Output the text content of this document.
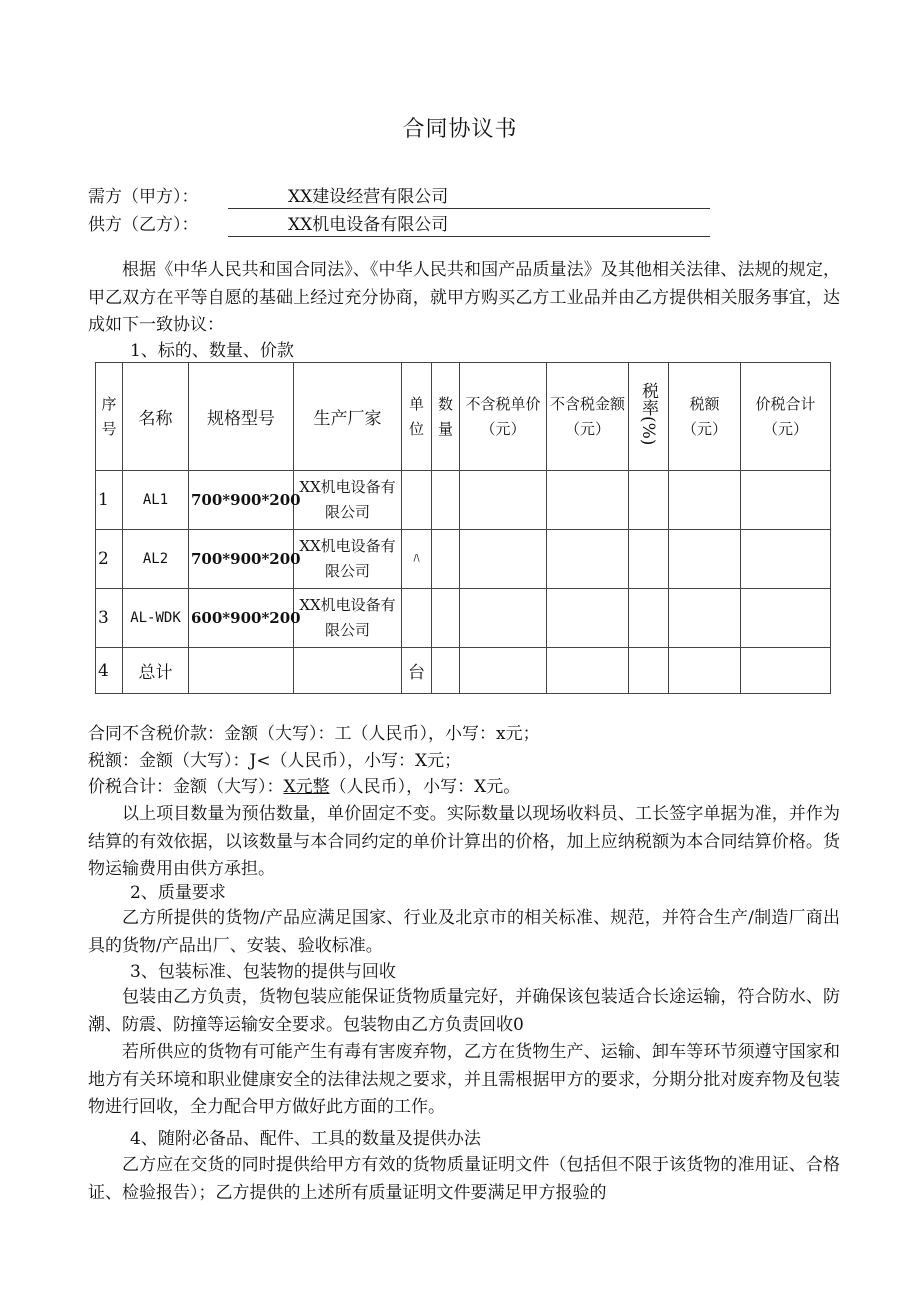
合同协议书
需方（甲方）：	XX建设经营有限公司
供方（乙方）：	XX机电设备有限公司
根据《中华人民共和国合同法》、《中华人民共和国产品质量法》及其他相关法律、法规的规定，甲乙双方在平等自愿的基础上经过充分协商，就甲方购买乙方工业品并由乙方提供相关服务事宜，达成如下一致协议：
1、标的、数量、价款
序号	名称	规格型号	生产厂家	单位	数量	不含税单价（元）	不含税金额（元）	税率(%)	税额（元）	价税合计（元）
1	AL1	700*900*200	XX机电设备有限公司							
2	AL2	700*900*200	XX机电设备有限公司	/\						
3	AL-WDK	600*900*200	XX机电设备有限公司							
4	总计			台						
合同不含税价款：金额（大写）：工（人民币），小写：x元；
税额：金额（大写）：J<（人民币），小写：X元；
价税合计：金额（大写）：X元整（人民币），小写：X元。
以上项目数量为预估数量，单价固定不变。实际数量以现场收料员、工长签字单据为准，并作为结算的有效依据，以该数量与本合同约定的单价计算出的价格，加上应纳税额为本合同结算价格。货物运输费用由供方承担。
2、质量要求
乙方所提供的货物/产品应满足国家、行业及北京市的相关标准、规范，并符合生产/制造厂商出具的货物/产品出厂、安装、验收标准。
3、包装标准、包装物的提供与回收
包装由乙方负责，货物包装应能保证货物质量完好，并确保该包装适合长途运输，符合防水、防潮、防震、防撞等运输安全要求。包装物由乙方负责回收0
若所供应的货物有可能产生有毒有害废弃物，乙方在货物生产、运输、卸车等环节须遵守国家和地方有关环境和职业健康安全的法律法规之要求，并且需根据甲方的要求，分期分批对废弃物及包装物进行回收，全力配合甲方做好此方面的工作。
4、随附必备品、配件、工具的数量及提供办法
乙方应在交货的同时提供给甲方有效的货物质量证明文件（包括但不限于该货物的准用证、合格证、检验报告）；乙方提供的上述所有质量证明文件要满足甲方报验的
